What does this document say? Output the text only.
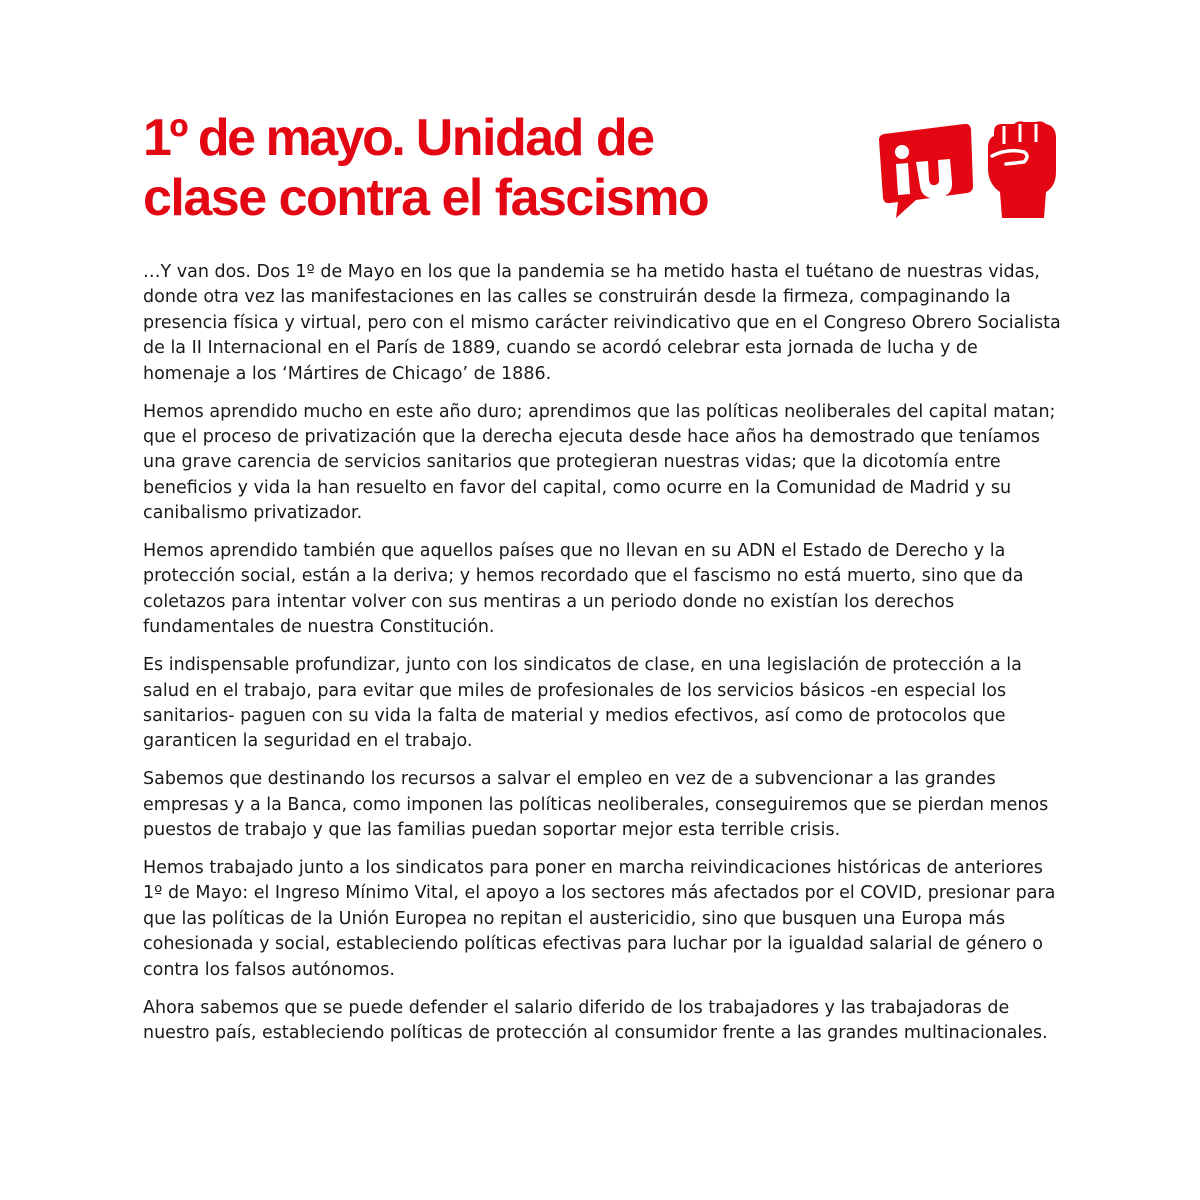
1º de mayo. Unidad de
clase contra el fascismo

…Y van dos. Dos 1º de Mayo en los que la pandemia se ha metido hasta el tuétano de nuestras vidas, donde otra vez las manifestaciones en las calles se construirán desde la firmeza, compaginando la presencia física y virtual, pero con el mismo carácter reivindicativo que en el Congreso Obrero Socialista de la II Internacional en el París de 1889, cuando se acordó celebrar esta jornada de lucha y de homenaje a los ‘Mártires de Chicago’ de 1886.

Hemos aprendido mucho en este año duro; aprendimos que las políticas neoliberales del capital matan; que el proceso de privatización que la derecha ejecuta desde hace años ha demostrado que teníamos una grave carencia de servicios sanitarios que protegieran nuestras vidas; que la dicotomía entre beneficios y vida la han resuelto en favor del capital, como ocurre en la Comunidad de Madrid y su canibalismo privatizador.

Hemos aprendido también que aquellos países que no llevan en su ADN el Estado de Derecho y la protección social, están a la deriva; y hemos recordado que el fascismo no está muerto, sino que da coletazos para intentar volver con sus mentiras a un periodo donde no existían los derechos fundamentales de nuestra Constitución.

Es indispensable profundizar, junto con los sindicatos de clase, en una legislación de protección a la salud en el trabajo, para evitar que miles de profesionales de los servicios básicos -en especial los sanitarios- paguen con su vida la falta de material y medios efectivos, así como de protocolos que garanticen la seguridad en el trabajo.

Sabemos que destinando los recursos a salvar el empleo en vez de a subvencionar a las grandes empresas y a la Banca, como imponen las políticas neoliberales, conseguiremos que se pierdan menos puestos de trabajo y que las familias puedan soportar mejor esta terrible crisis.

Hemos trabajado junto a los sindicatos para poner en marcha reivindicaciones históricas de anteriores 1º de Mayo: el Ingreso Mínimo Vital, el apoyo a los sectores más afectados por el COVID, presionar para que las políticas de la Unión Europea no repitan el austericidio, sino que busquen una Europa más cohesionada y social, estableciendo políticas efectivas para luchar por la igualdad salarial de género o contra los falsos autónomos.

Ahora sabemos que se puede defender el salario diferido de los trabajadores y las trabajadoras de nuestro país, estableciendo políticas de protección al consumidor frente a las grandes multinacionales.
